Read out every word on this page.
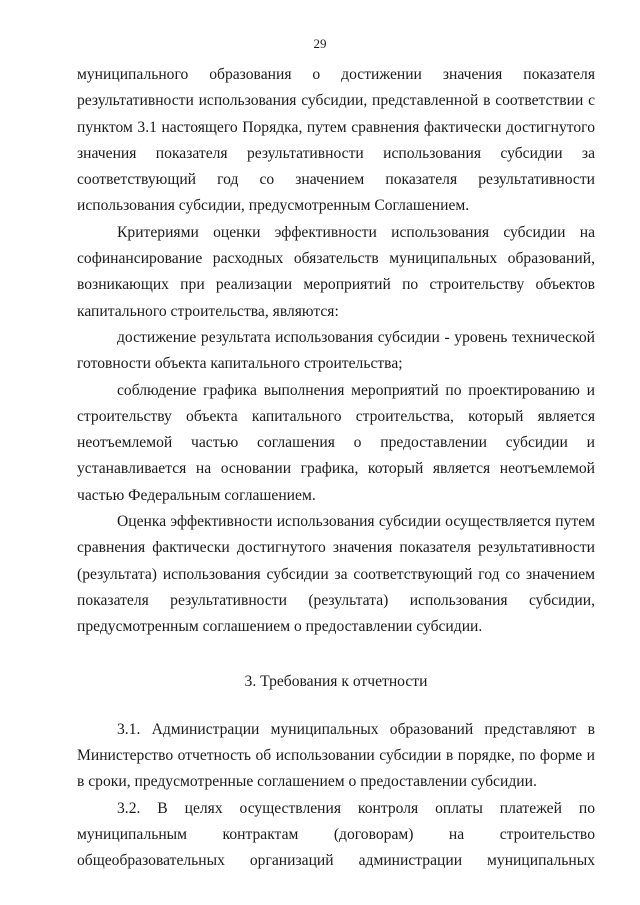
29

муниципального образования о достижении значения показателя результативности использования субсидии, представленной в соответствии с пунктом 3.1 настоящего Порядка, путем сравнения фактически достигнутого значения показателя результативности использования субсидии за соответствующий год со значением показателя результативности использования субсидии, предусмотренным Соглашением.

Критериями оценки эффективности использования субсидии на софинансирование расходных обязательств муниципальных образований, возникающих при реализации мероприятий по строительству объектов капитального строительства, являются:

достижение результата использования субсидии - уровень технической готовности объекта капитального строительства;

соблюдение графика выполнения мероприятий по проектированию и строительству объекта капитального строительства, который является неотъемлемой частью соглашения о предоставлении субсидии и устанавливается на основании графика, который является неотъемлемой частью Федеральным соглашением.

Оценка эффективности использования субсидии осуществляется путем сравнения фактически достигнутого значения показателя результативности (результата) использования субсидии за соответствующий год со значением показателя результативности (результата) использования субсидии, предусмотренным соглашением о предоставлении субсидии.

3. Требования к отчетности

3.1. Администрации муниципальных образований представляют в Министерство отчетность об использовании субсидии в порядке, по форме и в сроки, предусмотренные соглашением о предоставлении субсидии.

3.2. В целях осуществления контроля оплаты платежей по муниципальным контрактам (договорам) на строительство общеобразовательных организаций администрации муниципальных
